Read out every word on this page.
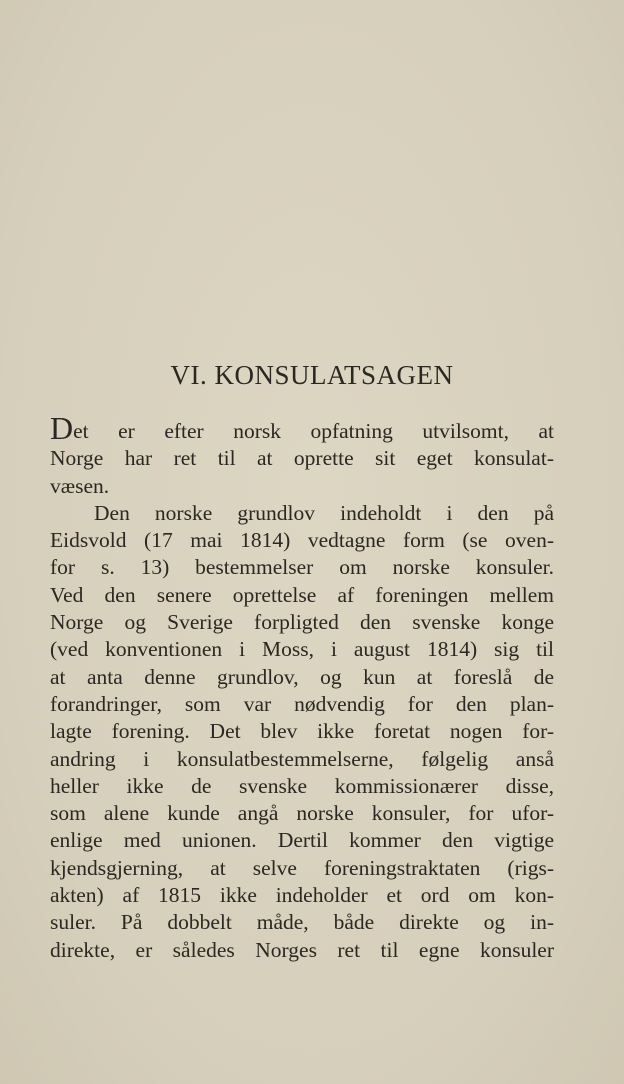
VI. KONSULATSAGEN
Det er efter norsk opfatning utvilsomt, at
Norge har ret til at oprette sit eget konsulat-
væsen.
Den norske grundlov indeholdt i den på
Eidsvold (17 mai 1814) vedtagne form (se oven-
for s. 13) bestemmelser om norske konsuler.
Ved den senere oprettelse af foreningen mellem
Norge og Sverige forpligted den svenske konge
(ved konventionen i Moss, i august 1814) sig til
at anta denne grundlov, og kun at foreslå de
forandringer, som var nødvendig for den plan-
lagte forening. Det blev ikke foretat nogen for-
andring i konsulatbestemmelserne, følgelig anså
heller ikke de svenske kommissionærer disse,
som alene kunde angå norske konsuler, for ufor-
enlige med unionen. Dertil kommer den vigtige
kjendsgjerning, at selve foreningstraktaten (rigs-
akten) af 1815 ikke indeholder et ord om kon-
suler. På dobbelt måde, både direkte og in-
direkte, er således Norges ret til egne konsuler
